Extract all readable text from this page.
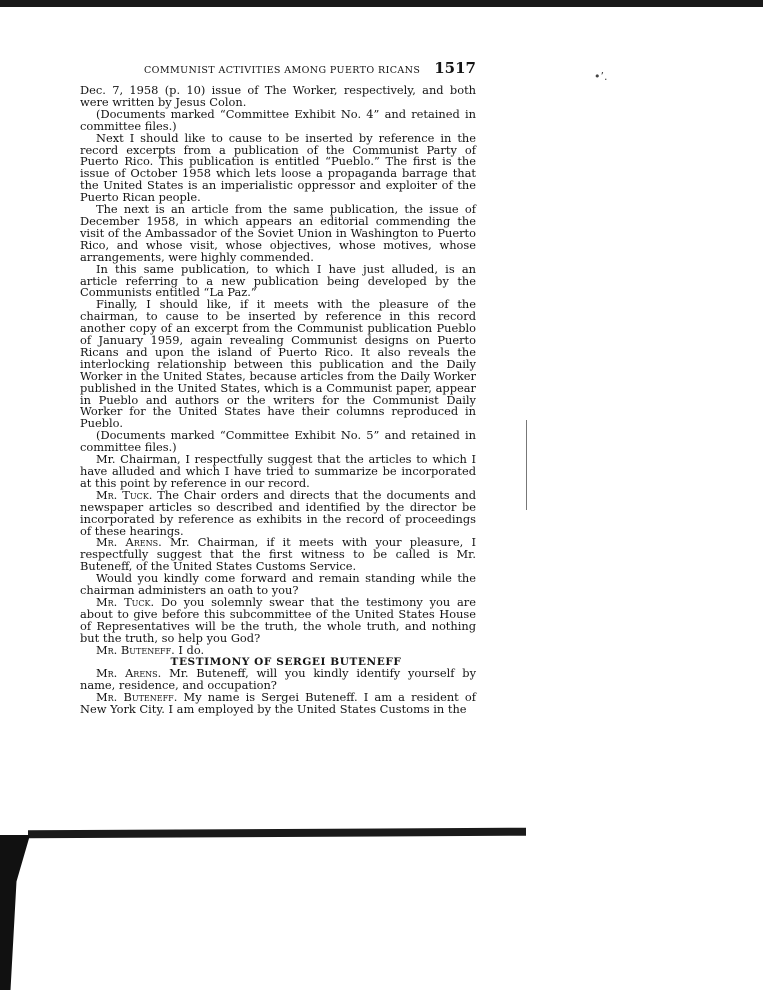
•ʼ.
COMMUNIST ACTIVITIES AMONG PUERTO RICANS 1517

Dec. 7, 1958 (p. 10) issue of The Worker, respectively, and both were written by Jesus Colon.

(Documents marked “Committee Exhibit No. 4” and retained in committee files.)

Next I should like to cause to be inserted by reference in the record excerpts from a publication of the Communist Party of Puerto Rico. This publication is entitled “Pueblo.” The first is the issue of October 1958 which lets loose a propaganda barrage that the United States is an imperialistic oppressor and exploiter of the Puerto Rican people.

The next is an article from the same publication, the issue of December 1958, in which appears an editorial commending the visit of the Ambassador of the Soviet Union in Washington to Puerto Rico, and whose visit, whose objectives, whose motives, whose arrangements, were highly commended.

In this same publication, to which I have just alluded, is an article referring to a new publication being developed by the Communists entitled “La Paz.”

Finally, I should like, if it meets with the pleasure of the chairman, to cause to be inserted by reference in this record another copy of an excerpt from the Communist publication Pueblo of January 1959, again revealing Communist designs on Puerto Ricans and upon the island of Puerto Rico. It also reveals the interlocking relationship between this publication and the Daily Worker in the United States, because articles from the Daily Worker published in the United States, which is a Communist paper, appear in Pueblo and authors or the writers for the Communist Daily Worker for the United States have their columns reproduced in Pueblo.

(Documents marked “Committee Exhibit No. 5” and retained in committee files.)

Mr. Chairman, I respectfully suggest that the articles to which I have alluded and which I have tried to summarize be incorporated at this point by reference in our record.

Mr. Tuck. The Chair orders and directs that the documents and newspaper articles so described and identified by the director be incorporated by reference as exhibits in the record of proceedings of these hearings.

Mr. Arens. Mr. Chairman, if it meets with your pleasure, I respectfully suggest that the first witness to be called is Mr. Buteneff, of the United States Customs Service.

Would you kindly come forward and remain standing while the chairman administers an oath to you?

Mr. Tuck. Do you solemnly swear that the testimony you are about to give before this subcommittee of the United States House of Representatives will be the truth, the whole truth, and nothing but the truth, so help you God?

Mr. Buteneff. I do.

TESTIMONY OF SERGEI BUTENEFF

Mr. Arens. Mr. Buteneff, will you kindly identify yourself by name, residence, and occupation?

Mr. Buteneff. My name is Sergei Buteneff. I am a resident of New York City. I am employed by the United States Customs in the
